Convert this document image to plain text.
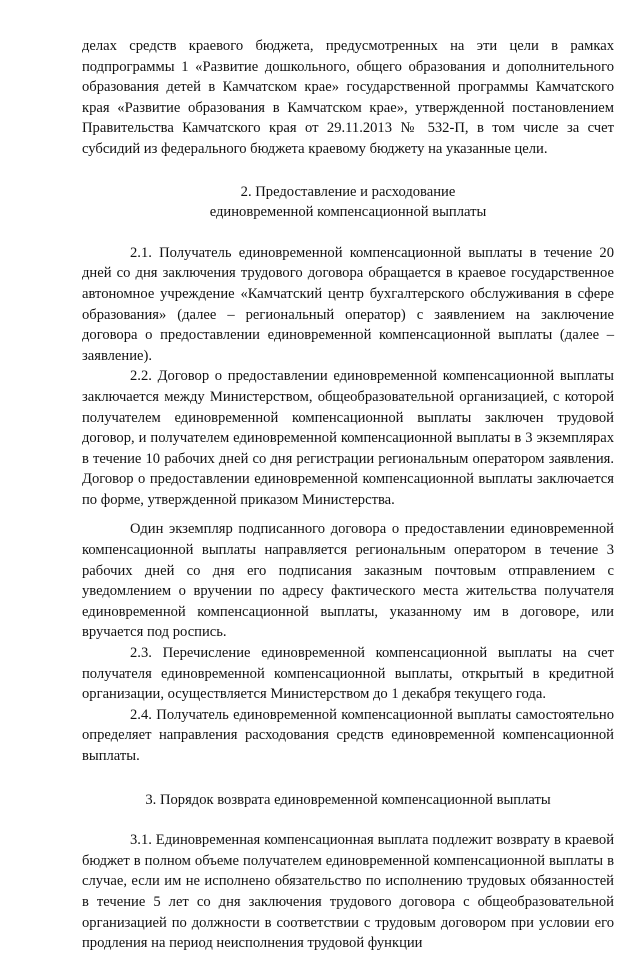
делах средств краевого бюджета, предусмотренных на эти цели в рамках подпрограммы 1 «Развитие дошкольного, общего образования и дополнительного образования детей в Камчатском крае» государственной программы Камчатского края «Развитие образования в Камчатском крае», утвержденной постановлением Правительства Камчатского края от 29.11.2013 № 532-П, в том числе за счет субсидий из федерального бюджета краевому бюджету на указанные цели.

2. Предоставление и расходование

единовременной компенсационной выплаты

2.1. Получатель единовременной компенсационной выплаты в течение 20 дней со дня заключения трудового договора обращается в краевое государственное автономное учреждение «Камчатский центр бухгалтерского обслуживания в сфере образования» (далее – региональный оператор) с заявлением на заключение договора о предоставлении единовременной компенсационной выплаты (далее – заявление).

2.2. Договор о предоставлении единовременной компенсационной выплаты заключается между Министерством, общеобразовательной организацией, с которой получателем единовременной компенсационной выплаты заключен трудовой договор, и получателем единовременной компенсационной выплаты в 3 экземплярах в течение 10 рабочих дней со дня регистрации региональным оператором заявления. Договор о предоставлении единовременной компенсационной выплаты заключается по форме, утвержденной приказом Министерства.

Один экземпляр подписанного договора о предоставлении единовременной компенсационной выплаты направляется региональным оператором в течение 3 рабочих дней со дня его подписания заказным почтовым отправлением с уведомлением о вручении по адресу фактического места жительства получателя единовременной компенсационной выплаты, указанному им в договоре, или вручается под роспись.

2.3. Перечисление единовременной компенсационной выплаты на счет получателя единовременной компенсационной выплаты, открытый в кредитной организации, осуществляется Министерством до 1 декабря текущего года.

2.4. Получатель единовременной компенсационной выплаты самостоятельно определяет направления расходования средств единовременной компенсационной выплаты.

3. Порядок возврата единовременной компенсационной выплаты

3.1. Единовременная компенсационная выплата подлежит возврату в краевой бюджет в полном объеме получателем единовременной компенсационной выплаты в случае, если им не исполнено обязательство по исполнению трудовых обязанностей в течение 5 лет со дня заключения трудового договора с общеобразовательной организацией по должности в соответствии с трудовым договором при условии его продления на период неисполнения трудовой функции
